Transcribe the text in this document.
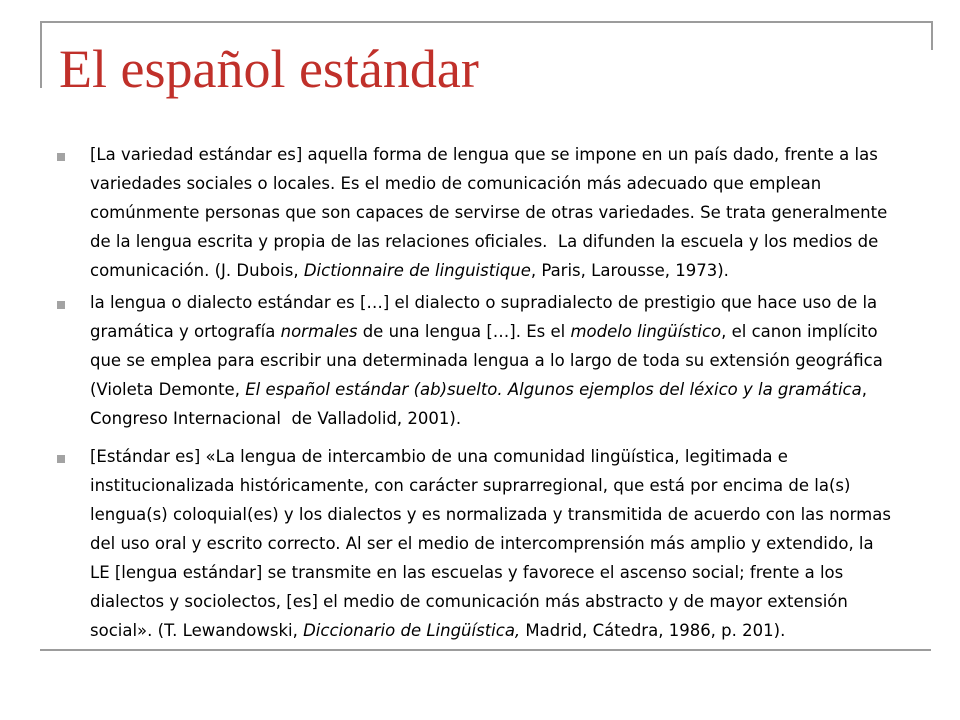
El español estándar
[La variedad estándar es] aquella forma de lengua que se impone en un país dado, frente a las
variedades sociales o locales. Es el medio de comunicación más adecuado que emplean
comúnmente personas que son capaces de servirse de otras variedades. Se trata generalmente
de la lengua escrita y propia de las relaciones oficiales.  La difunden la escuela y los medios de
comunicación. (J. Dubois, Dictionnaire de linguistique, Paris, Larousse, 1973).
la lengua o dialecto estándar es […] el dialecto o supradialecto de prestigio que hace uso de la
gramática y ortografía normales de una lengua […]. Es el modelo lingüístico, el canon implícito
que se emplea para escribir una determinada lengua a lo largo de toda su extensión geográfica
(Violeta Demonte, El español estándar (ab)suelto. Algunos ejemplos del léxico y la gramática,
Congreso Internacional  de Valladolid, 2001).
[Estándar es] «La lengua de intercambio de una comunidad lingüística, legitimada e
institucionalizada históricamente, con carácter suprarregional, que está por encima de la(s)
lengua(s) coloquial(es) y los dialectos y es normalizada y transmitida de acuerdo con las normas
del uso oral y escrito correcto. Al ser el medio de intercomprensión más amplio y extendido, la
LE [lengua estándar] se transmite en las escuelas y favorece el ascenso social; frente a los
dialectos y sociolectos, [es] el medio de comunicación más abstracto y de mayor extensión
social». (T. Lewandowski, Diccionario de Lingüística, Madrid, Cátedra, 1986, p. 201).
